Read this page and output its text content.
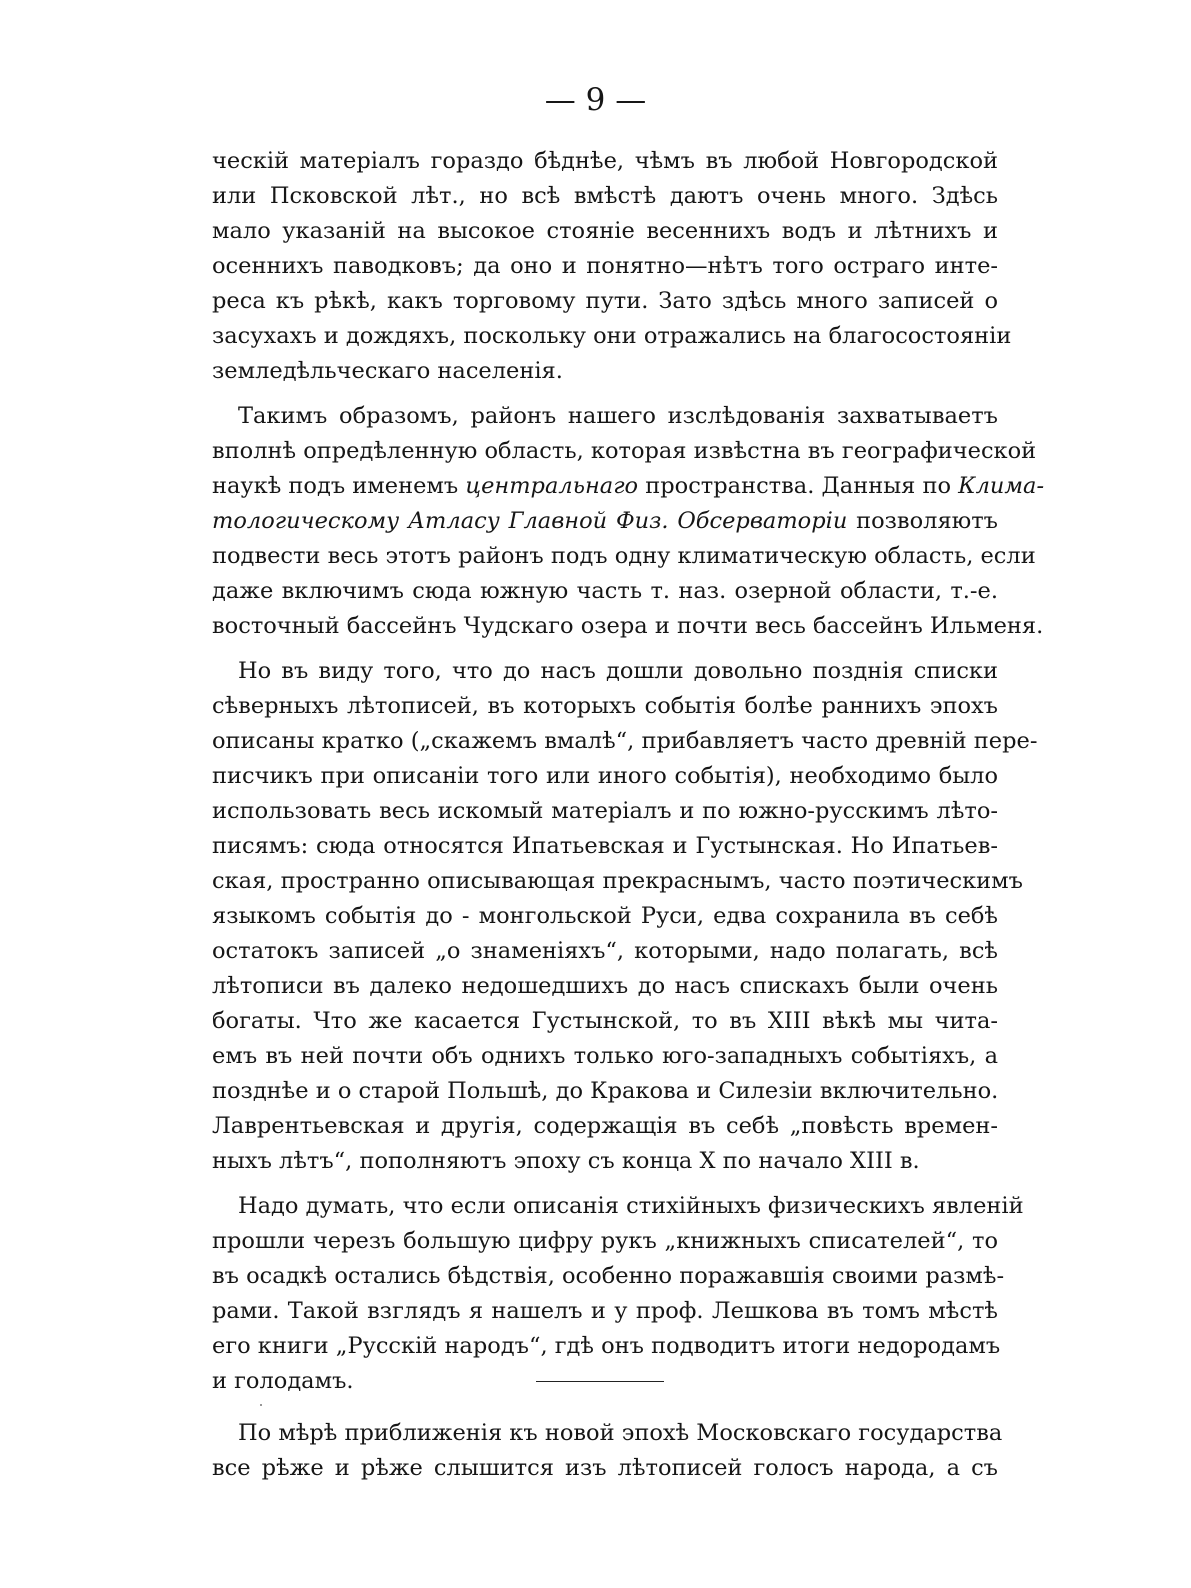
— 9 —
ческій матеріалъ гораздо бѣднѣе, чѣмъ въ любой Новгородской
или Псковской лѣт., но всѣ вмѣстѣ даютъ очень много. Здѣсь
мало указаній на высокое стояніе весеннихъ водъ и лѣтнихъ и
осеннихъ паводковъ; да оно и понятно—нѣтъ того остраго инте-
реса къ рѣкѣ, какъ торговому пути. Зато здѣсь много записей о
засухахъ и дождяхъ, поскольку они отражались на благосостояніи
земледѣльческаго населенія.
Такимъ образомъ, районъ нашего изслѣдованія захватываетъ
вполнѣ опредѣленную область, которая извѣстна въ географической
наукѣ подъ именемъ центральнаго пространства. Данныя по Клима-
тологическому Атласу Главной Физ. Обсерваторіи позволяютъ
подвести весь этотъ районъ подъ одну климатическую область, если
даже включимъ сюда южную часть т. наз. озерной области, т.-е.
восточный бассейнъ Чудскаго озера и почти весь бассейнъ Ильменя.
Но въ виду того, что до насъ дошли довольно позднія списки
сѣверныхъ лѣтописей, въ которыхъ событія болѣе раннихъ эпохъ
описаны кратко („скажемъ вмалѣ“, прибавляетъ часто древній пере-
писчикъ при описаніи того или иного событія), необходимо было
использовать весь искомый матеріалъ и по южно-русскимъ лѣто-
писямъ: сюда относятся Ипатьевская и Густынская. Но Ипатьев-
ская, пространно описывающая прекраснымъ, часто поэтическимъ
языкомъ событія до - монгольской Руси, едва сохранила въ себѣ
остатокъ записей „о знаменіяхъ“, которыми, надо полагать, всѣ
лѣтописи въ далеко недошедшихъ до насъ спискахъ были очень
богаты. Что же касается Густынской, то въ XIII вѣкѣ мы чита-
емъ въ ней почти объ однихъ только юго-западныхъ событіяхъ, а
позднѣе и о старой Польшѣ, до Кракова и Силезіи включительно.
Лаврентьевская и другія, содержащія въ себѣ „повѣсть времен-
ныхъ лѣтъ“, пополняютъ эпоху съ конца X по начало XIII в.
Надо думать, что если описанія стихійныхъ физическихъ явленій
прошли черезъ большую цифру рукъ „книжныхъ списателей“, то
въ осадкѣ остались бѣдствія, особенно поражавшія своими размѣ-
рами. Такой взглядъ я нашелъ и у проф. Лешкова въ томъ мѣстѣ
его книги „Русскій народъ“, гдѣ онъ подводитъ итоги недородамъ
и голодамъ.
По мѣрѣ приближенія къ новой эпохѣ Московскаго государства
все рѣже и рѣже слышится изъ лѣтописей голосъ народа, а съ
